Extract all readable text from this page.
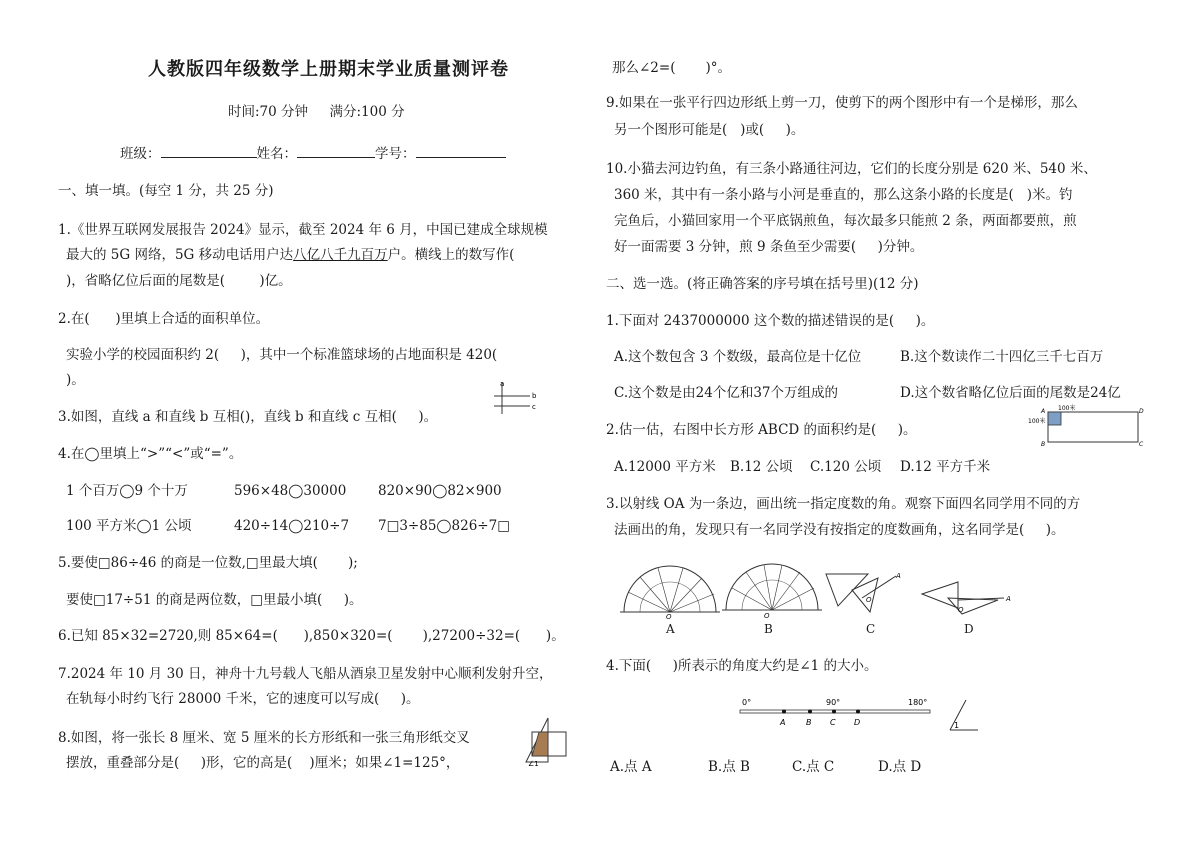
人教版四年级数学上册期末学业质量测评卷
时间:70 分钟     满分:100 分
班级：	姓名：	学号：
一、填一填。(每空 1 分，共 25 分)
1.《世界互联网发展报告 2024》显示，截至 2024 年 6 月，中国已建成全球规模
最大的 5G 网络，5G 移动电话用户达八亿八千九百万户。横线上的数写作(
)，省略亿位后面的尾数是(        )亿。
2.在(      )里填上合适的面积单位。
实验小学的校园面积约 2(     )，其中一个标准篮球场的占地面积是 420(
)。
3.如图，直线 a 和直线 b 互相()，直线 b 和直线 c 互相(     )。
a
b
c
4.在◯里填上“>”“<”或“=”。
1 个百万◯9 个十万	596×48◯30000 820×90◯82×900
100 平方米◯1 公顷	420÷14◯210÷7 7□3÷85◯826÷7□
5.要使□86÷46 的商是一位数,□里最大填(       );
要使□17÷51 的商是两位数，□里最小填(     )。
6.已知 85×32=2720,则 85×64=(      ),850×320=(       ),27200÷32=(      )。
7.2024 年 10 月 30 日，神舟十九号载人飞船从酒泉卫星发射中心顺利发射升空，
在轨每小时约飞行 28000 千米，它的速度可以写成(     )。
8.如图，将一张长 8 厘米、宽 5 厘米的长方形纸和一张三角形纸交叉
摆放，重叠部分是(     )形，它的高是(    )厘米；如果∠1=125°，	∠1
那么∠2=(       )°。
9.如果在一张平行四边形纸上剪一刀，使剪下的两个图形中有一个是梯形，那么
另一个图形可能是(   )或(     )。
10.小猫去河边钓鱼，有三条小路通往河边，它们的长度分别是 620 米、540 米、
360 米，其中有一条小路与小河是垂直的，那么这条小路的长度是(   )米。钓
完鱼后，小猫回家用一个平底锅煎鱼，每次最多只能煎 2 条，两面都要煎，煎
好一面需要 3 分钟，煎 9 条鱼至少需要(     )分钟。
二、选一选。(将正确答案的序号填在括号里)(12 分)
1.下面对 2437000000 这个数的描述错误的是(     )。
A.这个数包含 3 个数级，最高位是十亿位	B.这个数读作二十四亿三千七百万
C.这个数是由24个亿和37个万组成的	D.这个数省略亿位后面的尾数是24亿
2.估一估，右图中长方形 ABCD 的面积约是(     )。
100米
100米
A
B	C
D
A.12000 平方米 B.12 公顷 C.120 公顷 D.12 平方千米
3.以射线 OA 为一条边，画出统一指定度数的角。观察下面四名同学用不同的方
法画出的角，发现只有一名同学没有按指定的度数画角，这名同学是(     )。
O	O
A
O	A
O
A	B	C	D
4.下面(     )所表示的角度大约是∠1 的大小。
0°	90°	180°
A	B C D	1
A.点 A	B.点 B	C.点 C	D.点 D
